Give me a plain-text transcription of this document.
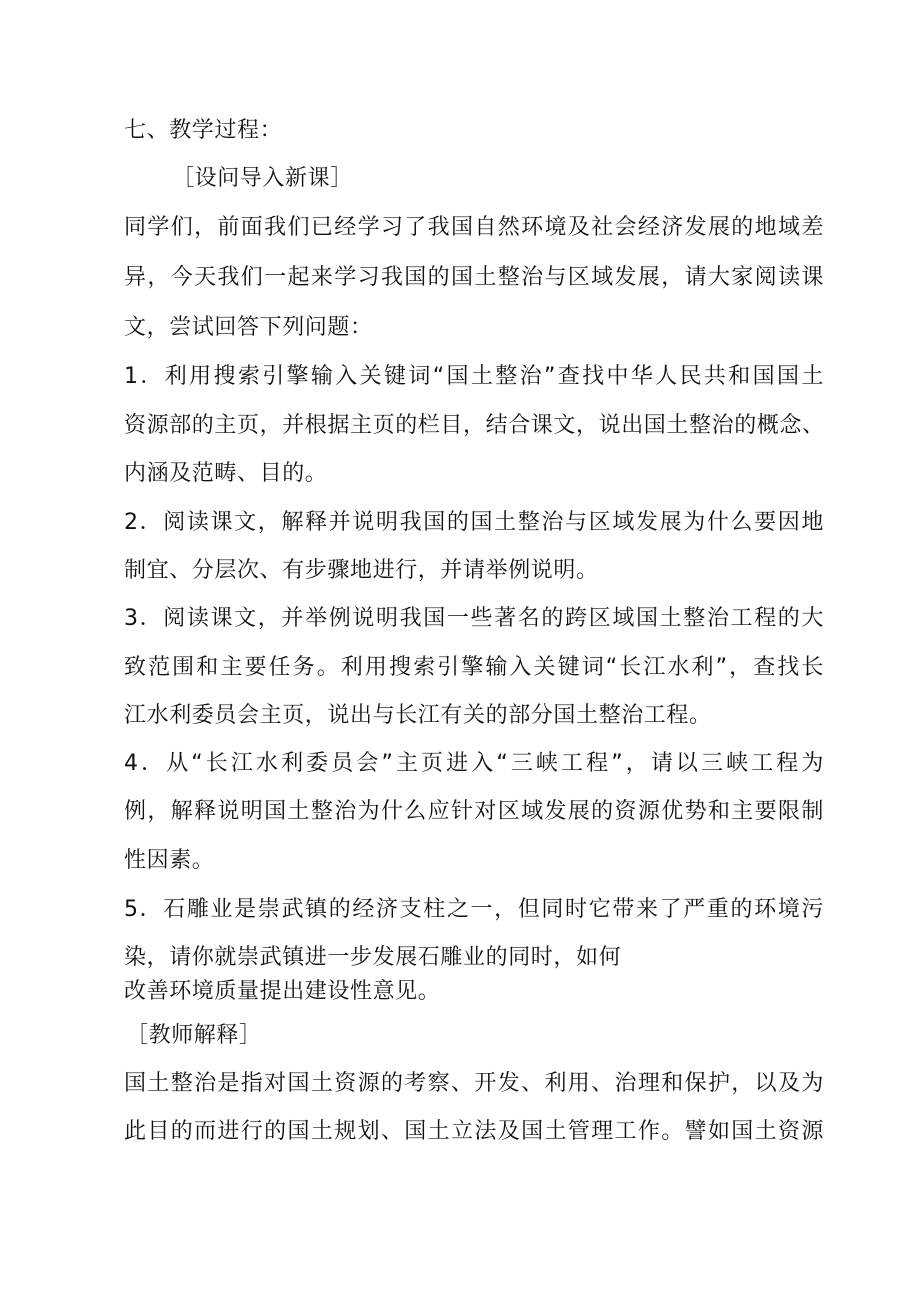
七、教学过程：
［设问导入新课］
同学们，前面我们已经学习了我国自然环境及社会经济发展的地域差
异，今天我们一起来学习我国的国土整治与区域发展，请大家阅读课
文，尝试回答下列问题：
1．利用搜索引擎输入关键词“国土整治”查找中华人民共和国国土
资源部的主页，并根据主页的栏目，结合课文，说出国土整治的概念、
内涵及范畴、目的。
2．阅读课文，解释并说明我国的国土整治与区域发展为什么要因地
制宜、分层次、有步骤地进行，并请举例说明。
3．阅读课文，并举例说明我国一些著名的跨区域国土整治工程的大
致范围和主要任务。利用搜索引擎输入关键词“长江水利”，查找长
江水利委员会主页，说出与长江有关的部分国土整治工程。
4．从“长江水利委员会”主页进入“三峡工程”，请以三峡工程为
例，解释说明国土整治为什么应针对区域发展的资源优势和主要限制
性因素。
5．石雕业是崇武镇的经济支柱之一，但同时它带来了严重的环境污
染，请你就崇武镇进一步发展石雕业的同时，如何
改善环境质量提出建设性意见。
［教师解释］
国土整治是指对国土资源的考察、开发、利用、治理和保护，以及为
此目的而进行的国土规划、国土立法及国土管理工作。譬如国土资源
